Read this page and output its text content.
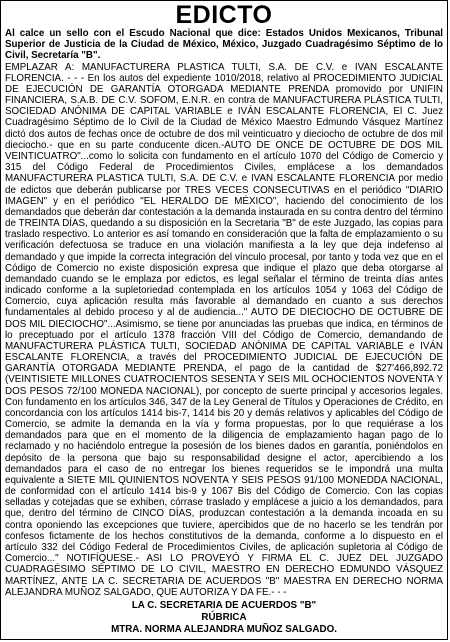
EDICTO

Al calce un sello con el Escudo Nacional que dice: Estados Unidos Mexicanos, Tribunal Superior de Justicia de la Ciudad de México, México, Juzgado Cuadragésimo Séptimo de lo Civil, Secretaría "B".

EMPLAZAR A: MANUFACTURERA PLASTICA TULTI, S.A. DE C.V. e IVAN ESCALANTE FLORENCIA. - - - En los autos del expediente 1010/2018, relativo al PROCEDIMIENTO JUDICIAL DE EJECUCIÓN DE GARANTÍA OTORGADA MEDIANTE PRENDA promovido por UNIFIN FINANCIERA, S.A.B. DE C.V. SOFOM, E.N.R. en contra de MANUFACTURERA PLÁSTICA TULTI, SOCIEDAD ANÓNIMA DE CAPITAL VARIABLE e IVÁN ESCALANTE FLORENCIA, El C. Juez Cuadragésimo Séptimo de lo Civil de la Ciudad de México Maestro Edmundo Vásquez Martínez dictó dos autos de fechas once de octubre de dos mil veinticuatro y dieciocho de octubre de dos mil dieciocho.- que en su parte conducente dicen.-AUTO DE ONCE DE OCTUBRE DE DOS MIL VEINTICUATRO"...como lo solicita con fundamento en el artículo 1070 del Código de Comercio y 315 del Código Federal de Procedimientos Civiles, emplácese a los demandados MANUFACTURERA PLASTICA TULTI, S.A. DE C.V. e IVAN ESCALANTE FLORENCIA por medio de edictos que deberán publicarse por TRES VECES CONSECUTIVAS en el periódico "DIARIO IMAGEN" y en el periódico "EL HERALDO DE MÉXICO", haciendo del conocimiento de los demandados que deberán dar contestación a la demanda instaurada en su contra dentro del término de TREINTA DÍAS, quedando a su disposición en la Secretaria "B" de este Juzgado, las copias para traslado respectivo. Lo anterior es así tomando en consideración que la falta de emplazamiento o su verificación defectuosa se traduce en una violación manifiesta a la ley que deja indefenso al demandado y que impide la correcta integración del vínculo procesal, por tanto y toda vez que en el Código de Comercio no existe disposición expresa que indique el plazo que deba otorgarse al demandado cuando se le emplaza por edictos, es legal señalar el término de treinta días antes indicado conforme a la supletoriedad contemplada en los artículos 1054 y 1063 del Código de Comercio, cuya aplicación resulta más favorable al demandado en cuanto a sus derechos fundamentales al debido proceso y al de audiencia..." AUTO DE DIECIOCHO DE OCTUBRE DE DOS MIL DIECIOCHO"...Asimismo, se tiene por anunciadas las pruebas que indica, en términos de lo preceptuado por el artículo 1378 fracción VIII del Código de Comercio, demandando de MANUFACTURERA PLÁSTICA TULTI, SOCIEDAD ANÓNIMA DE CAPITAL VARIABLE e IVÁN ESCALANTE FLORENCIA, a través del PROCEDIMIENTO JUDICIAL DE EJECUCIÓN DE GARANTÍA OTORGADA MEDIANTE PRENDA, el pago de la cantidad de $27'466,892.72 (VEINTISIETE MILLONES CUATROCIENTOS SESENTA Y SEIS MIL OCHOCIENTOS NOVENTA Y DOS PESOS 72/100 MONEDA NACIONAL), por concepto de suerte principal y accesorios legales. Con fundamento en los artículos 346, 347 de la Ley General de Títulos y Operaciones de Crédito, en concordancia con los artículos 1414 bis-7, 1414 bis 20 y demás relativos y aplicables del Código de Comercio, se admite la demanda en la vía y forma propuestas, por lo que requiérase a los demandados para que en el momento de la diligencia de emplazamiento hagan pago de lo reclamado y no haciéndolo entregue la posesión de los bienes dados en garantía, poniéndolos en depósito de la persona que bajo su responsabilidad designe el actor, apercibiendo a los demandados para el caso de no entregar los bienes requeridos se le impondrá una multa equivalente a SIETE MIL QUINIENTOS NOVENTA Y SEIS PESOS 91/100 MONEDDA NACIONAL, de conformidad con el artículo 1414 bis-9 y 1067 Bis del Código de Comercio. Con las copias selladas y cotejadas que se exhiben, córrase traslado y emplácese a juicio a los demandados, para que, dentro del término de CINCO DÍAS, produzcan contestación a la demanda incoada en su contra oponiendo las excepciones que tuviere, apercibidos que de no hacerlo se les tendrán por confesos fictamente de los hechos constitutivos de la demanda, conforme a lo dispuesto en el artículo 332 del Código Federal de Procedimientos Civiles, de aplicación supletoria al Código de Comercio..." NOTIFÍQUESE.- ASI LO PROVEYÓ Y FIRMA EL C. JUEZ DEL JUZGADO CUADRAGÉSIMO SÉPTIMO DE LO CIVIL, MAESTRO EN DERECHO EDMUNDO VÁSQUEZ MARTÍNEZ, ANTE LA C. SECRETARIA DE ACUERDOS "B" MAESTRA EN DERECHO NORMA ALEJANDRA MUÑOZ SALGADO, QUE AUTORIZA Y DA FE.- - -

LA C. SECRETARIA DE ACUERDOS "B"
RÚBRICA
MTRA. NORMA ALEJANDRA MUÑOZ SALGADO.
